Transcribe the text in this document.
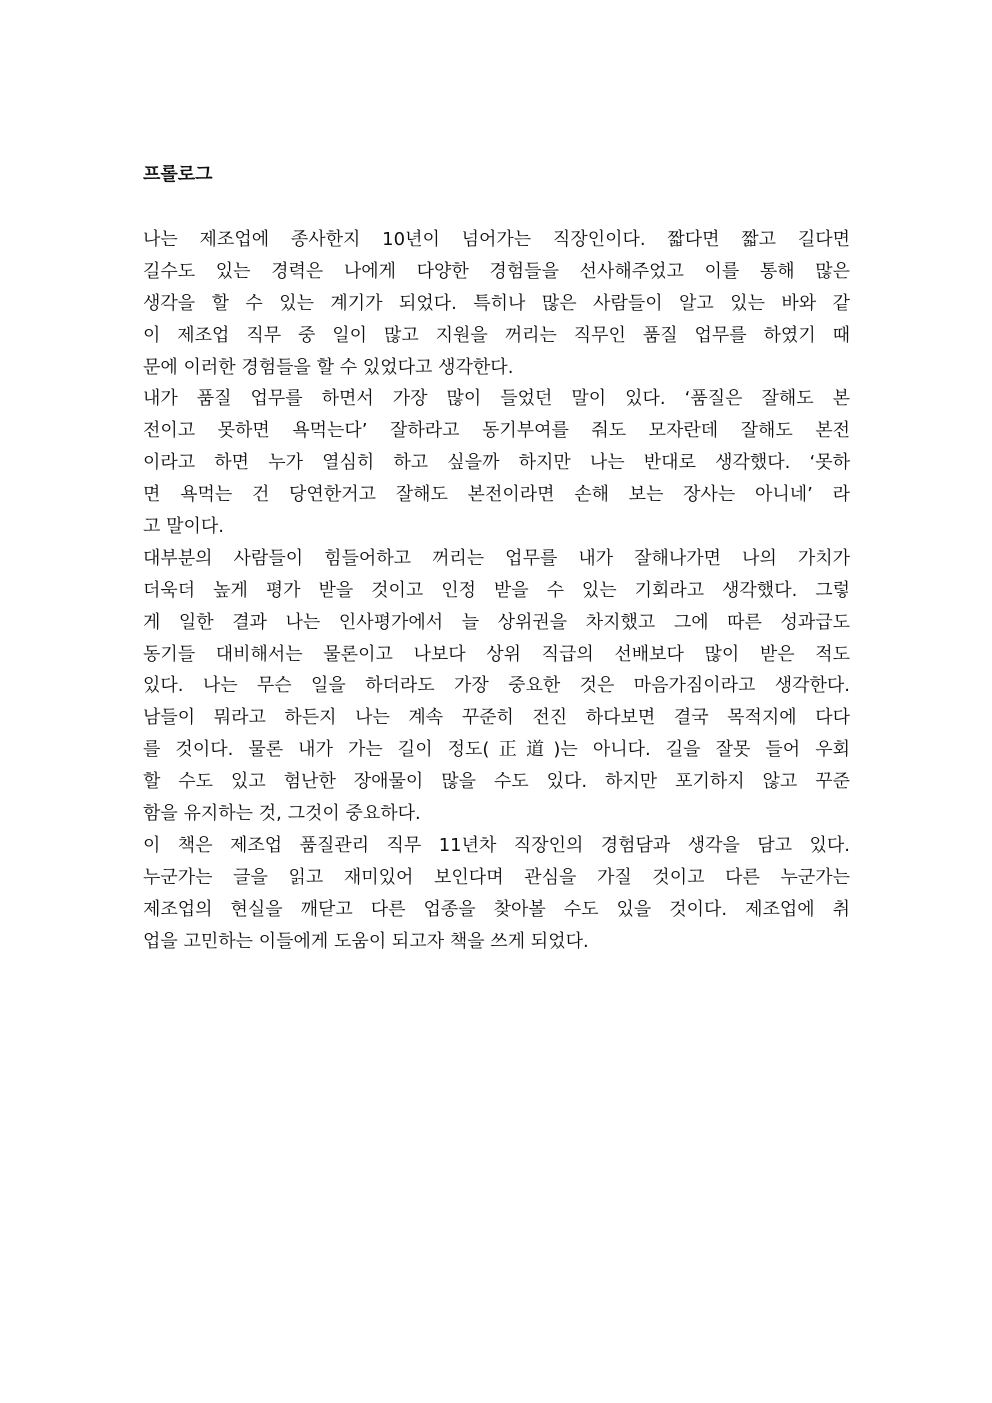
프롤로그
나는 제조업에 종사한지 10년이 넘어가는 직장인이다. 짧다면 짧고 길다면
길수도 있는 경력은 나에게 다양한 경험들을 선사해주었고 이를 통해 많은
생각을 할 수 있는 계기가 되었다. 특히나 많은 사람들이 알고 있는 바와 같
이 제조업 직무 중 일이 많고 지원을 꺼리는 직무인 품질 업무를 하였기 때
문에 이러한 경험들을 할 수 있었다고 생각한다.
내가 품질 업무를 하면서 가장 많이 들었던 말이 있다. ‘품질은 잘해도 본
전이고 못하면 욕먹는다’ 잘하라고 동기부여를 줘도 모자란데 잘해도 본전
이라고 하면 누가 열심히 하고 싶을까 하지만 나는 반대로 생각했다. ‘못하
면 욕먹는 건 당연한거고 잘해도 본전이라면 손해 보는 장사는 아니네’ 라
고 말이다.
대부분의 사람들이 힘들어하고 꺼리는 업무를 내가 잘해나가면 나의 가치가
더욱더 높게 평가 받을 것이고 인정 받을 수 있는 기회라고 생각했다. 그렇
게 일한 결과 나는 인사평가에서 늘 상위권을 차지했고 그에 따른 성과급도
동기들 대비해서는 물론이고 나보다 상위 직급의 선배보다 많이 받은 적도
있다. 나는 무슨 일을 하더라도 가장 중요한 것은 마음가짐이라고 생각한다.
남들이 뭐라고 하든지 나는 계속 꾸준히 전진 하다보면 결국 목적지에 다다
를 것이다. 물론 내가 가는 길이 정도(正道)는 아니다. 길을 잘못 들어 우회
할 수도 있고 험난한 장애물이 많을 수도 있다. 하지만 포기하지 않고 꾸준
함을 유지하는 것, 그것이 중요하다.
이 책은 제조업 품질관리 직무 11년차 직장인의 경험담과 생각을 담고 있다.
누군가는 글을 읽고 재미있어 보인다며 관심을 가질 것이고 다른 누군가는
제조업의 현실을 깨닫고 다른 업종을 찾아볼 수도 있을 것이다. 제조업에 취
업을 고민하는 이들에게 도움이 되고자 책을 쓰게 되었다.
